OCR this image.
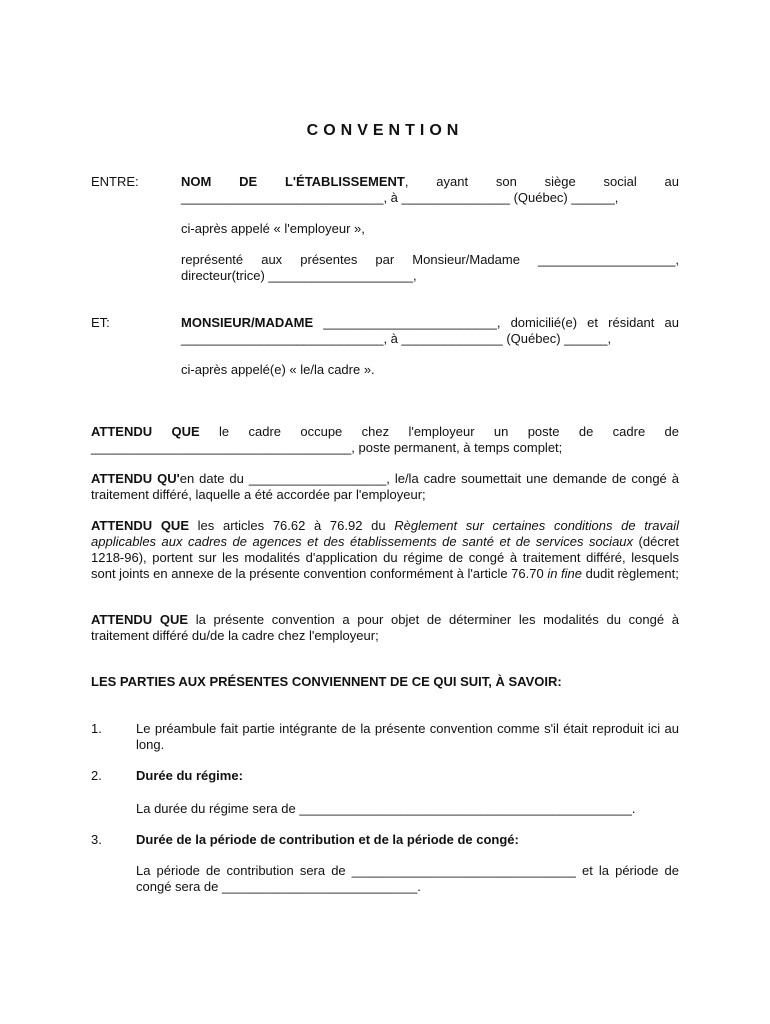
CONVENTION
ENTRE:	NOM DE L'ÉTABLISSEMENT, ayant son siège social au
____________________________, à _______________ (Québec) ______,
ci-après appelé « l'employeur »,
représenté aux présentes par Monsieur/Madame ___________________,
directeur(trice) ____________________,
ET:	MONSIEUR/MADAME ________________________, domicilié(e) et résidant au
____________________________, à ______________ (Québec) ______,
ci-après appelé(e) « le/la cadre ».
ATTENDU QUE le cadre occupe chez l'employeur un poste de cadre de
____________________________________, poste permanent, à temps complet;
ATTENDU QU'en date du ___________________, le/la cadre soumettait une demande de congé à
traitement différé, laquelle a été accordée par l'employeur;
ATTENDU QUE les articles 76.62 à 76.92 du Règlement sur certaines conditions de travail applicables aux cadres de agences et des établissements de santé et de services sociaux (décret 1218-96), portent sur les modalités d'application du régime de congé à traitement différé, lesquels sont joints en annexe de la présente convention conformément à l'article 76.70 in fine dudit règlement;
ATTENDU QUE la présente convention a pour objet de déterminer les modalités du congé à traitement différé du/de la cadre chez l'employeur;
LES PARTIES AUX PRÉSENTES CONVIENNENT DE CE QUI SUIT, À SAVOIR:
1.	Le préambule fait partie intégrante de la présente convention comme s'il était reproduit ici au long.
2.	Durée du régime:
La durée du régime sera de ______________________________________________.
3.	Durée de la période de contribution et de la période de congé:
La période de contribution sera de _______________________________ et la période de congé sera de ___________________________.
